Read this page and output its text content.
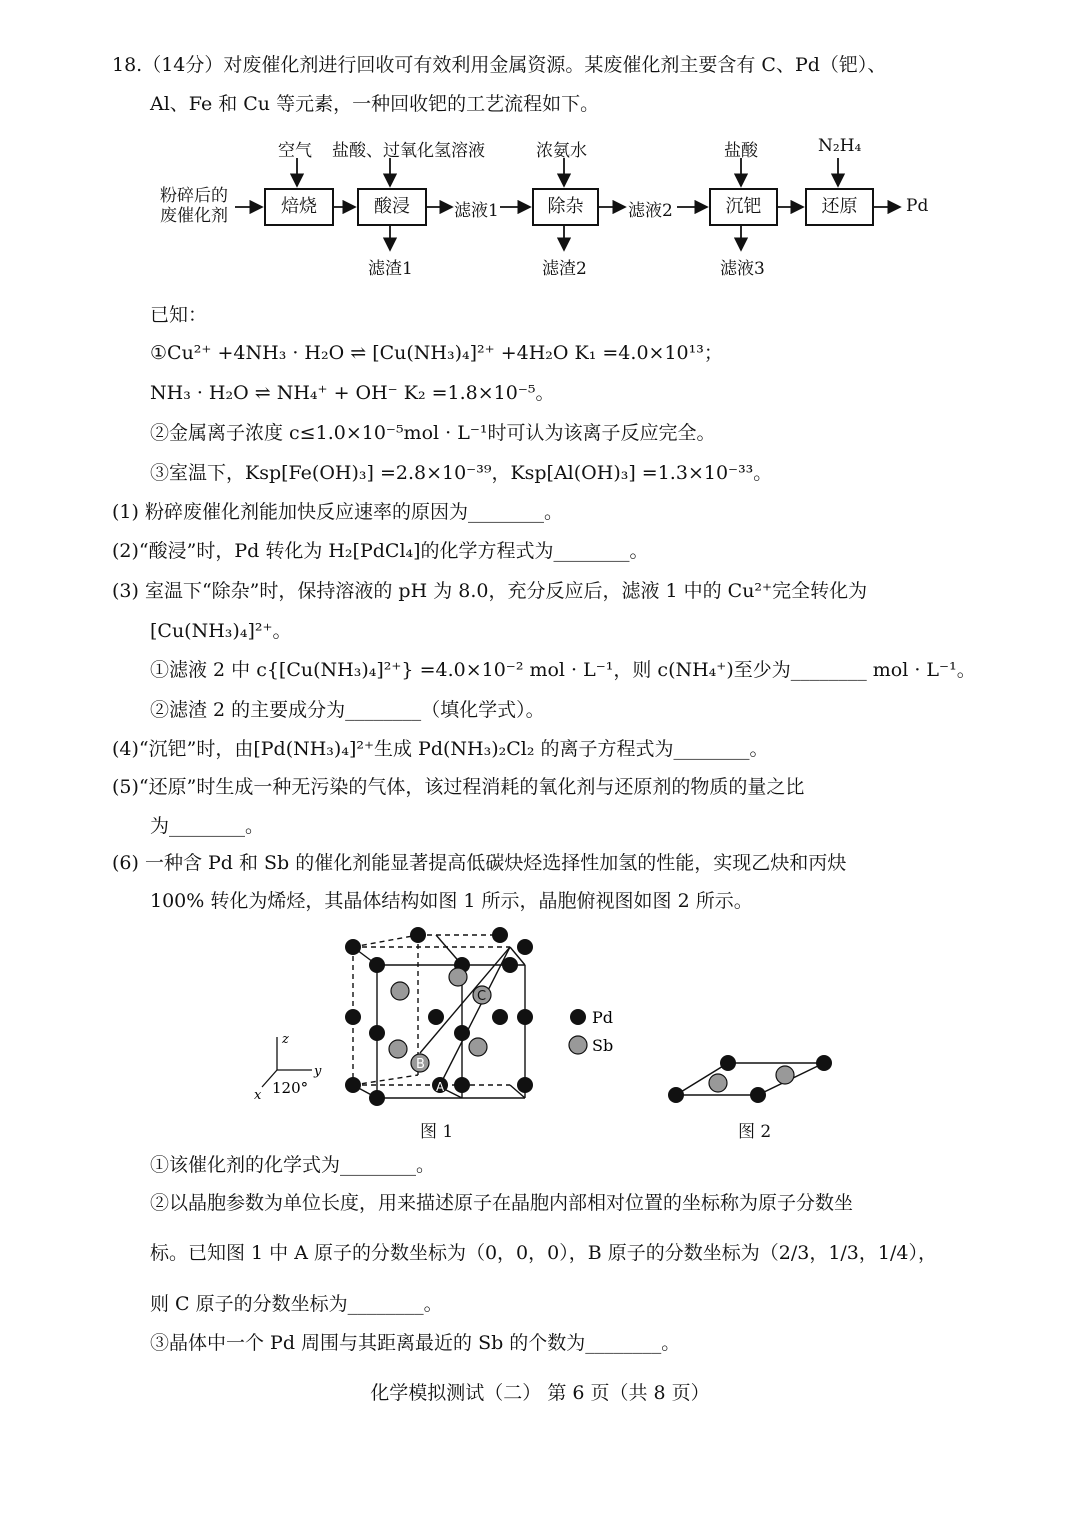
18.（14分）对废催化剂进行回收可有效利用金属资源。某废催化剂主要含有 C、Pd（钯）、
Al、Fe 和 Cu 等元素，一种回收钯的工艺流程如下。
空气 盐酸、过氧化氢溶液	浓氨水	盐酸	N₂H₄
粉碎后的
废催化剂	焙烧	酸浸	滤液1	除杂	滤液2	沉钯	还原	Pd
滤渣1	滤渣2	滤液3
已知：
①Cu²⁺ +4NH₃ · H₂O ⇌ [Cu(NH₃)₄]²⁺ +4H₂O K₁ =4.0×10¹³；
NH₃ · H₂O ⇌ NH₄⁺ + OH⁻ K₂ =1.8×10⁻⁵。
②金属离子浓度 c≤1.0×10⁻⁵mol · L⁻¹时可认为该离子反应完全。
③室温下，Ksp[Fe(OH)₃] =2.8×10⁻³⁹，Ksp[Al(OH)₃] =1.3×10⁻³³。
(1) 粉碎废催化剂能加快反应速率的原因为________。
(2)“酸浸”时，Pd 转化为 H₂[PdCl₄]的化学方程式为________。
(3) 室温下“除杂”时，保持溶液的 pH 为 8.0，充分反应后，滤液 1 中的 Cu²⁺完全转化为
[Cu(NH₃)₄]²⁺。
①滤液 2 中 c{[Cu(NH₃)₄]²⁺} =4.0×10⁻² mol · L⁻¹，则 c(NH₄⁺)至少为________ mol · L⁻¹。
②滤渣 2 的主要成分为________（填化学式）。
(4)“沉钯”时，由[Pd(NH₃)₄]²⁺生成 Pd(NH₃)₂Cl₂ 的离子方程式为________。
(5)“还原”时生成一种无污染的气体，该过程消耗的氧化剂与还原剂的物质的量之比
为________。
(6) 一种含 Pd 和 Sb 的催化剂能显著提高低碳炔烃选择性加氢的性能，实现乙炔和丙炔
100% 转化为烯烃，其晶体结构如图 1 所示，晶胞俯视图如图 2 所示。
B
C
A
z
y
x 120°
Pd
Sb
图 1	图 2
①该催化剂的化学式为________。
②以晶胞参数为单位长度，用来描述原子在晶胞内部相对位置的坐标称为原子分数坐
标。已知图 1 中 A 原子的分数坐标为（0，0，0），B 原子的分数坐标为（2/3，1/3，1/4），
则 C 原子的分数坐标为________。
③晶体中一个 Pd 周围与其距离最近的 Sb 的个数为________。
化学模拟测试（二） 第 6 页（共 8 页）
